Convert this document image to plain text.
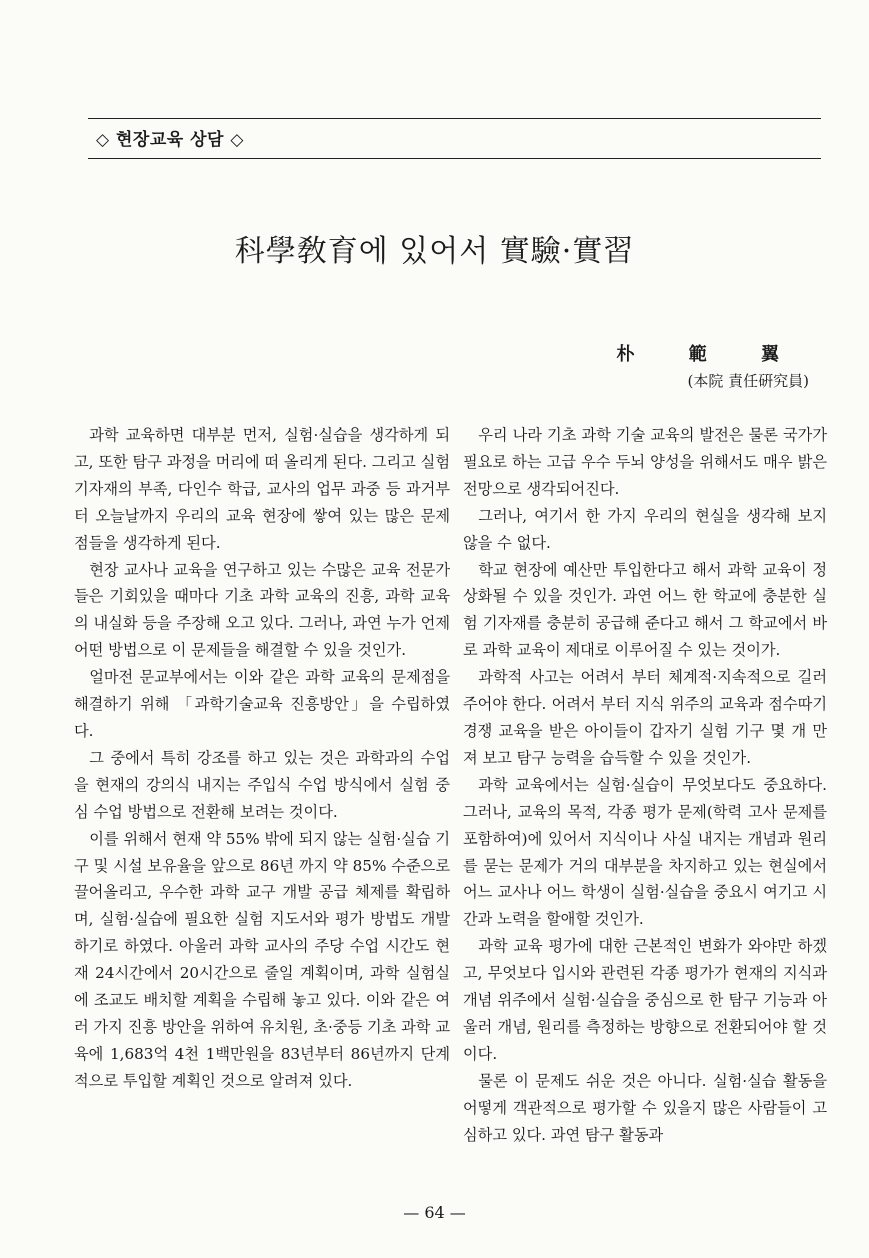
◇ 현장교육 상담 ◇
科學敎育에 있어서 實驗·實習
朴 範 翼
(本院 責任硏究員)

과학 교육하면 대부분 먼저, 실험·실습을 생각하게 되고, 또한 탐구 과정을 머리에 떠 올리게 된다. 그리고 실험 기자재의 부족, 다인수 학급, 교사의 업무 과중 등 과거부터 오늘날까지 우리의 교육 현장에 쌓여 있는 많은 문제점들을 생각하게 된다.

현장 교사나 교육을 연구하고 있는 수많은 교육 전문가들은 기회있을 때마다 기초 과학 교육의 진흥, 과학 교육의 내실화 등을 주장해 오고 있다. 그러나, 과연 누가 언제 어떤 방법으로 이 문제들을 해결할 수 있을 것인가.

얼마전 문교부에서는 이와 같은 과학 교육의 문제점을 해결하기 위해 「과학기술교육 진흥방안」을 수립하였다.

그 중에서 특히 강조를 하고 있는 것은 과학과의 수업을 현재의 강의식 내지는 주입식 수업 방식에서 실험 중심 수업 방법으로 전환해 보려는 것이다.

이를 위해서 현재 약 55% 밖에 되지 않는 실험·실습 기구 및 시설 보유율을 앞으로 86년 까지 약 85% 수준으로 끌어올리고, 우수한 과학 교구 개발 공급 체제를 확립하며, 실험·실습에 필요한 실험 지도서와 평가 방법도 개발하기로 하였다. 아울러 과학 교사의 주당 수업 시간도 현재 24시간에서 20시간으로 줄일 계획이며, 과학 실험실에 조교도 배치할 계획을 수립해 놓고 있다. 이와 같은 여러 가지 진흥 방안을 위하여 유치원, 초·중등 기초 과학 교육에 1,683억 4천 1백만원을 83년부터 86년까지 단계적으로 투입할 계획인 것으로 알려져 있다.

우리 나라 기초 과학 기술 교육의 발전은 물론 국가가 필요로 하는 고급 우수 두뇌 양성을 위해서도 매우 밝은 전망으로 생각되어진다.

그러나, 여기서 한 가지 우리의 현실을 생각해 보지 않을 수 없다.

학교 현장에 예산만 투입한다고 해서 과학 교육이 정상화될 수 있을 것인가. 과연 어느 한 학교에 충분한 실험 기자재를 충분히 공급해 준다고 해서 그 학교에서 바로 과학 교육이 제대로 이루어질 수 있는 것이가.

과학적 사고는 어려서 부터 체계적·지속적으로 길러주어야 한다. 어려서 부터 지식 위주의 교육과 점수따기 경쟁 교육을 받은 아이들이 갑자기 실험 기구 몇 개 만져 보고 탐구 능력을 습득할 수 있을 것인가.

과학 교육에서는 실험·실습이 무엇보다도 중요하다. 그러나, 교육의 목적, 각종 평가 문제(학력 고사 문제를 포함하여)에 있어서 지식이나 사실 내지는 개념과 원리를 묻는 문제가 거의 대부분을 차지하고 있는 현실에서 어느 교사나 어느 학생이 실험·실습을 중요시 여기고 시간과 노력을 할애할 것인가.

과학 교육 평가에 대한 근본적인 변화가 와야만 하겠고, 무엇보다 입시와 관련된 각종 평가가 현재의 지식과 개념 위주에서 실험·실습을 중심으로 한 탐구 기능과 아울러 개념, 원리를 측정하는 방향으로 전환되어야 할 것이다.

물론 이 문제도 쉬운 것은 아니다. 실험·실습 활동을 어떻게 객관적으로 평가할 수 있을지 많은 사람들이 고심하고 있다. 과연 탐구 활동과

— 64 —
